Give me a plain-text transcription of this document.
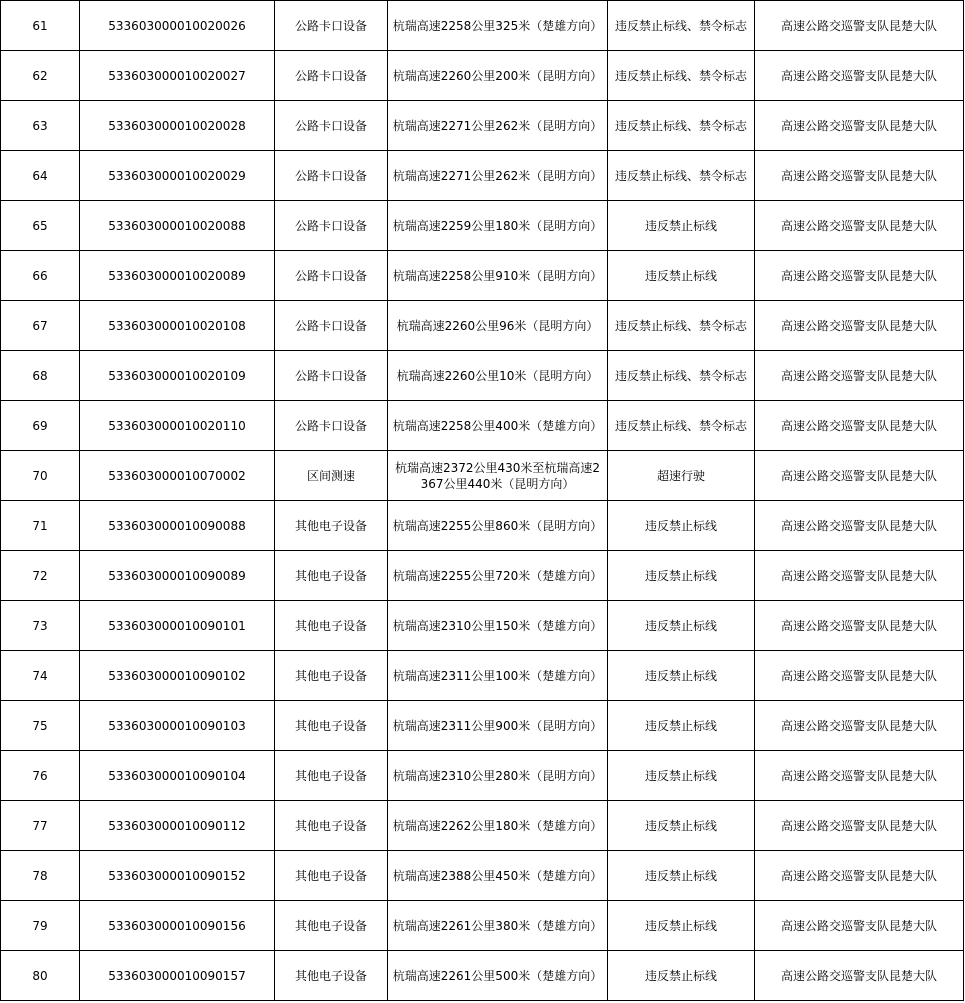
61	533603000010020026	公路卡口设备	杭瑞高速2258公里325米（楚雄方向）	违反禁止标线、禁令标志	高速公路交巡警支队昆楚大队
62	533603000010020027	公路卡口设备	杭瑞高速2260公里200米（昆明方向）	违反禁止标线、禁令标志	高速公路交巡警支队昆楚大队
63	533603000010020028	公路卡口设备	杭瑞高速2271公里262米（昆明方向）	违反禁止标线、禁令标志	高速公路交巡警支队昆楚大队
64	533603000010020029	公路卡口设备	杭瑞高速2271公里262米（昆明方向）	违反禁止标线、禁令标志	高速公路交巡警支队昆楚大队
65	533603000010020088	公路卡口设备	杭瑞高速2259公里180米（昆明方向）	违反禁止标线	高速公路交巡警支队昆楚大队
66	533603000010020089	公路卡口设备	杭瑞高速2258公里910米（昆明方向）	违反禁止标线	高速公路交巡警支队昆楚大队
67	533603000010020108	公路卡口设备	杭瑞高速2260公里96米（昆明方向）	违反禁止标线、禁令标志	高速公路交巡警支队昆楚大队
68	533603000010020109	公路卡口设备	杭瑞高速2260公里10米（昆明方向）	违反禁止标线、禁令标志	高速公路交巡警支队昆楚大队
69	533603000010020110	公路卡口设备	杭瑞高速2258公里400米（楚雄方向）	违反禁止标线、禁令标志	高速公路交巡警支队昆楚大队
70	533603000010070002	区间测速	杭瑞高速2372公里430米至杭瑞高速2367公里440米（昆明方向）	超速行驶	高速公路交巡警支队昆楚大队
71	533603000010090088	其他电子设备	杭瑞高速2255公里860米（昆明方向）	违反禁止标线	高速公路交巡警支队昆楚大队
72	533603000010090089	其他电子设备	杭瑞高速2255公里720米（楚雄方向）	违反禁止标线	高速公路交巡警支队昆楚大队
73	533603000010090101	其他电子设备	杭瑞高速2310公里150米（楚雄方向）	违反禁止标线	高速公路交巡警支队昆楚大队
74	533603000010090102	其他电子设备	杭瑞高速2311公里100米（楚雄方向）	违反禁止标线	高速公路交巡警支队昆楚大队
75	533603000010090103	其他电子设备	杭瑞高速2311公里900米（昆明方向）	违反禁止标线	高速公路交巡警支队昆楚大队
76	533603000010090104	其他电子设备	杭瑞高速2310公里280米（昆明方向）	违反禁止标线	高速公路交巡警支队昆楚大队
77	533603000010090112	其他电子设备	杭瑞高速2262公里180米（楚雄方向）	违反禁止标线	高速公路交巡警支队昆楚大队
78	533603000010090152	其他电子设备	杭瑞高速2388公里450米（楚雄方向）	违反禁止标线	高速公路交巡警支队昆楚大队
79	533603000010090156	其他电子设备	杭瑞高速2261公里380米（楚雄方向）	违反禁止标线	高速公路交巡警支队昆楚大队
80	533603000010090157	其他电子设备	杭瑞高速2261公里500米（楚雄方向）	违反禁止标线	高速公路交巡警支队昆楚大队
